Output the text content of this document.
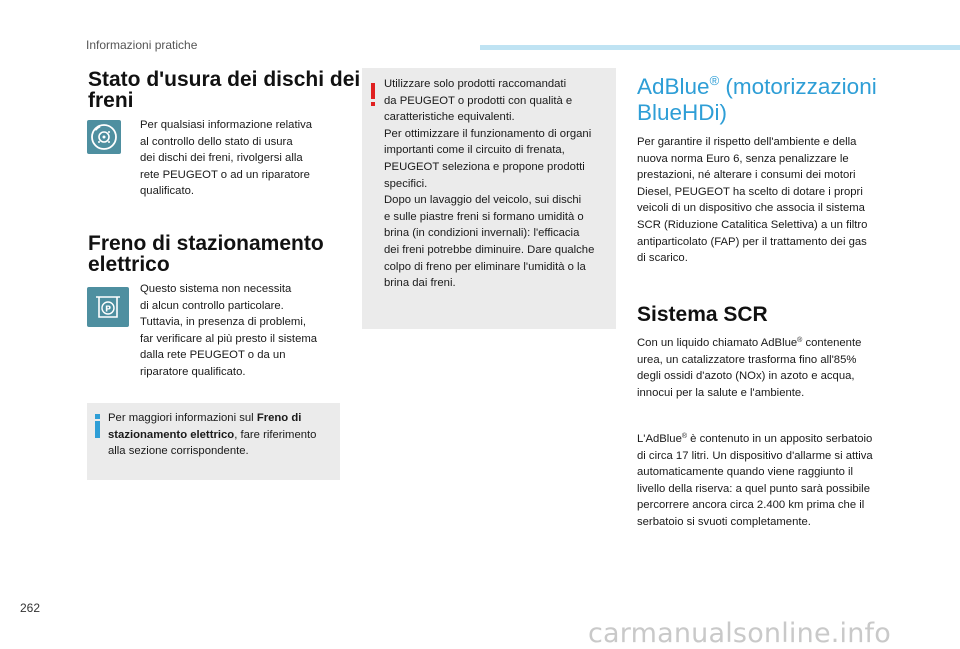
Informazioni pratiche
Stato d'usura dei dischi dei
freni
Per qualsiasi informazione relativa
al controllo dello stato di usura
dei dischi dei freni, rivolgersi alla
rete PEUGEOT o ad un riparatore
qualificato.
Freno di stazionamento
elettrico
P
Questo sistema non necessita
di alcun controllo particolare.
Tuttavia, in presenza di problemi,
far verificare al più presto il sistema
dalla rete PEUGEOT o da un
riparatore qualificato.
Per maggiori informazioni sul Freno di
stazionamento elettrico, fare riferimento
alla sezione corrispondente.
Utilizzare solo prodotti raccomandati
da PEUGEOT o prodotti con qualità e
caratteristiche equivalenti.
Per ottimizzare il funzionamento di organi
importanti come il circuito di frenata,
PEUGEOT seleziona e propone prodotti
specifici.
Dopo un lavaggio del veicolo, sui dischi
e sulle piastre freni si formano umidità o
brina (in condizioni invernali): l'efficacia
dei freni potrebbe diminuire. Dare qualche
colpo di freno per eliminare l'umidità o la
brina dai freni.
AdBlue® (motorizzazioni
BlueHDi)
Per garantire il rispetto dell'ambiente e della
nuova norma Euro 6, senza penalizzare le
prestazioni, né alterare i consumi dei motori
Diesel, PEUGEOT ha scelto di dotare i propri
veicoli di un dispositivo che associa il sistema
SCR (Riduzione Catalitica Selettiva) a un filtro
antiparticolato (FAP) per il trattamento dei gas
di scarico.
Sistema SCR
Con un liquido chiamato AdBlue® contenente
urea, un catalizzatore trasforma fino all'85%
degli ossidi d'azoto (NOx) in azoto e acqua,
innocui per la salute e l'ambiente.
L'AdBlue® è contenuto in un apposito serbatoio
di circa 17 litri. Un dispositivo d'allarme si attiva
automaticamente quando viene raggiunto il
livello della riserva: a quel punto sarà possibile
percorrere ancora circa 2.400 km prima che il
serbatoio si svuoti completamente.
262
carmanualsonline.info
